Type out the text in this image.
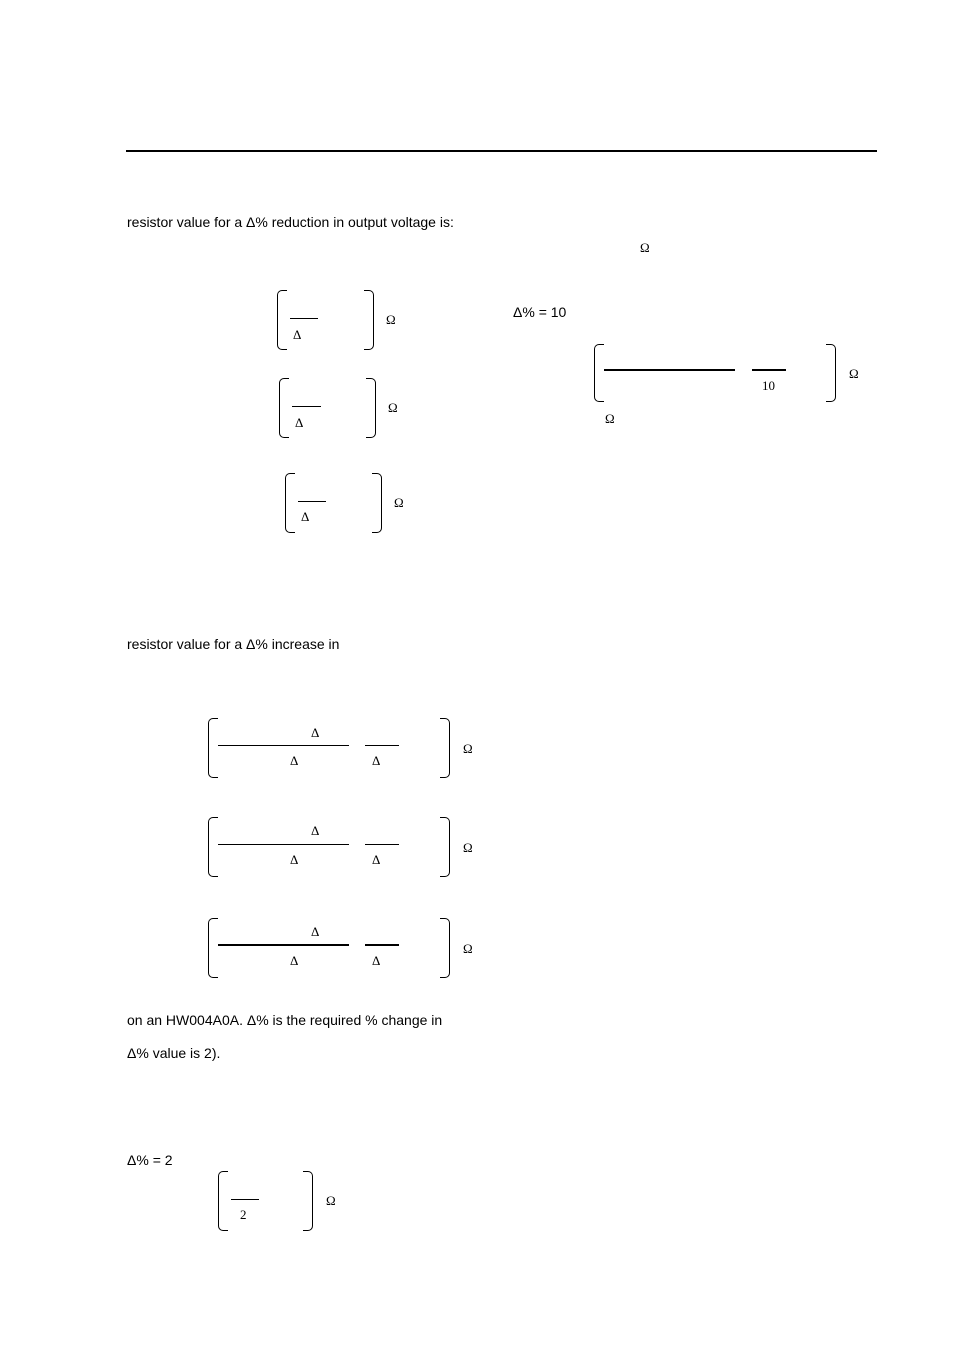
resistor value for a Δ% reduction in output voltage is:
Ω
Δ
Ω
Δ
Ω
Δ
Ω
Δ% = 10
10
Ω
Ω
resistor value for a Δ% increase in
Δ
Δ	Δ
Ω
Δ
Δ	Δ
Ω
Δ
Δ	Δ
Ω
on an HW004A0A. Δ% is the required % change in
Δ% value is 2).
Δ% = 2
2
Ω
